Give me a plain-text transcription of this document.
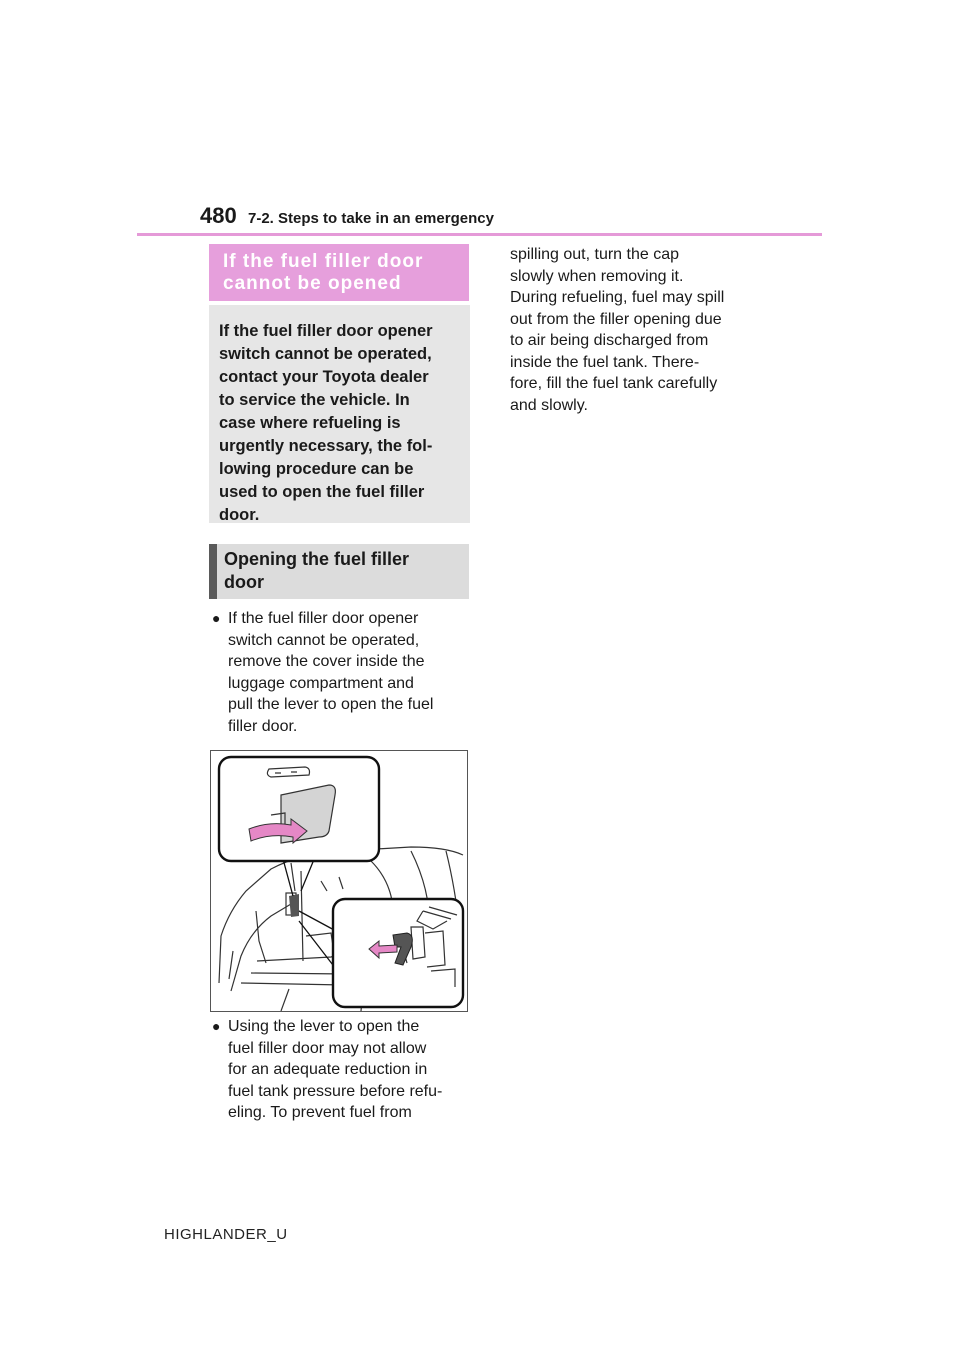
480 7-2. Steps to take in an emergency
If the fuel filler door
cannot be opened
If the fuel filler door opener
switch cannot be operated,
contact your Toyota dealer
to service the vehicle. In
case where refueling is
urgently necessary, the fol-
lowing procedure can be
used to open the fuel filler
door.
Opening the fuel filler
door
● If the fuel filler door opener
switch cannot be operated,
remove the cover inside the
luggage compartment and
pull the lever to open the fuel
filler door.
● Using the lever to open the
fuel filler door may not allow
for an adequate reduction in
fuel tank pressure before refu-
eling. To prevent fuel from
spilling out, turn the cap
slowly when removing it.
During refueling, fuel may spill
out from the filler opening due
to air being discharged from
inside the fuel tank. There-
fore, fill the fuel tank carefully
and slowly.
HIGHLANDER_U
